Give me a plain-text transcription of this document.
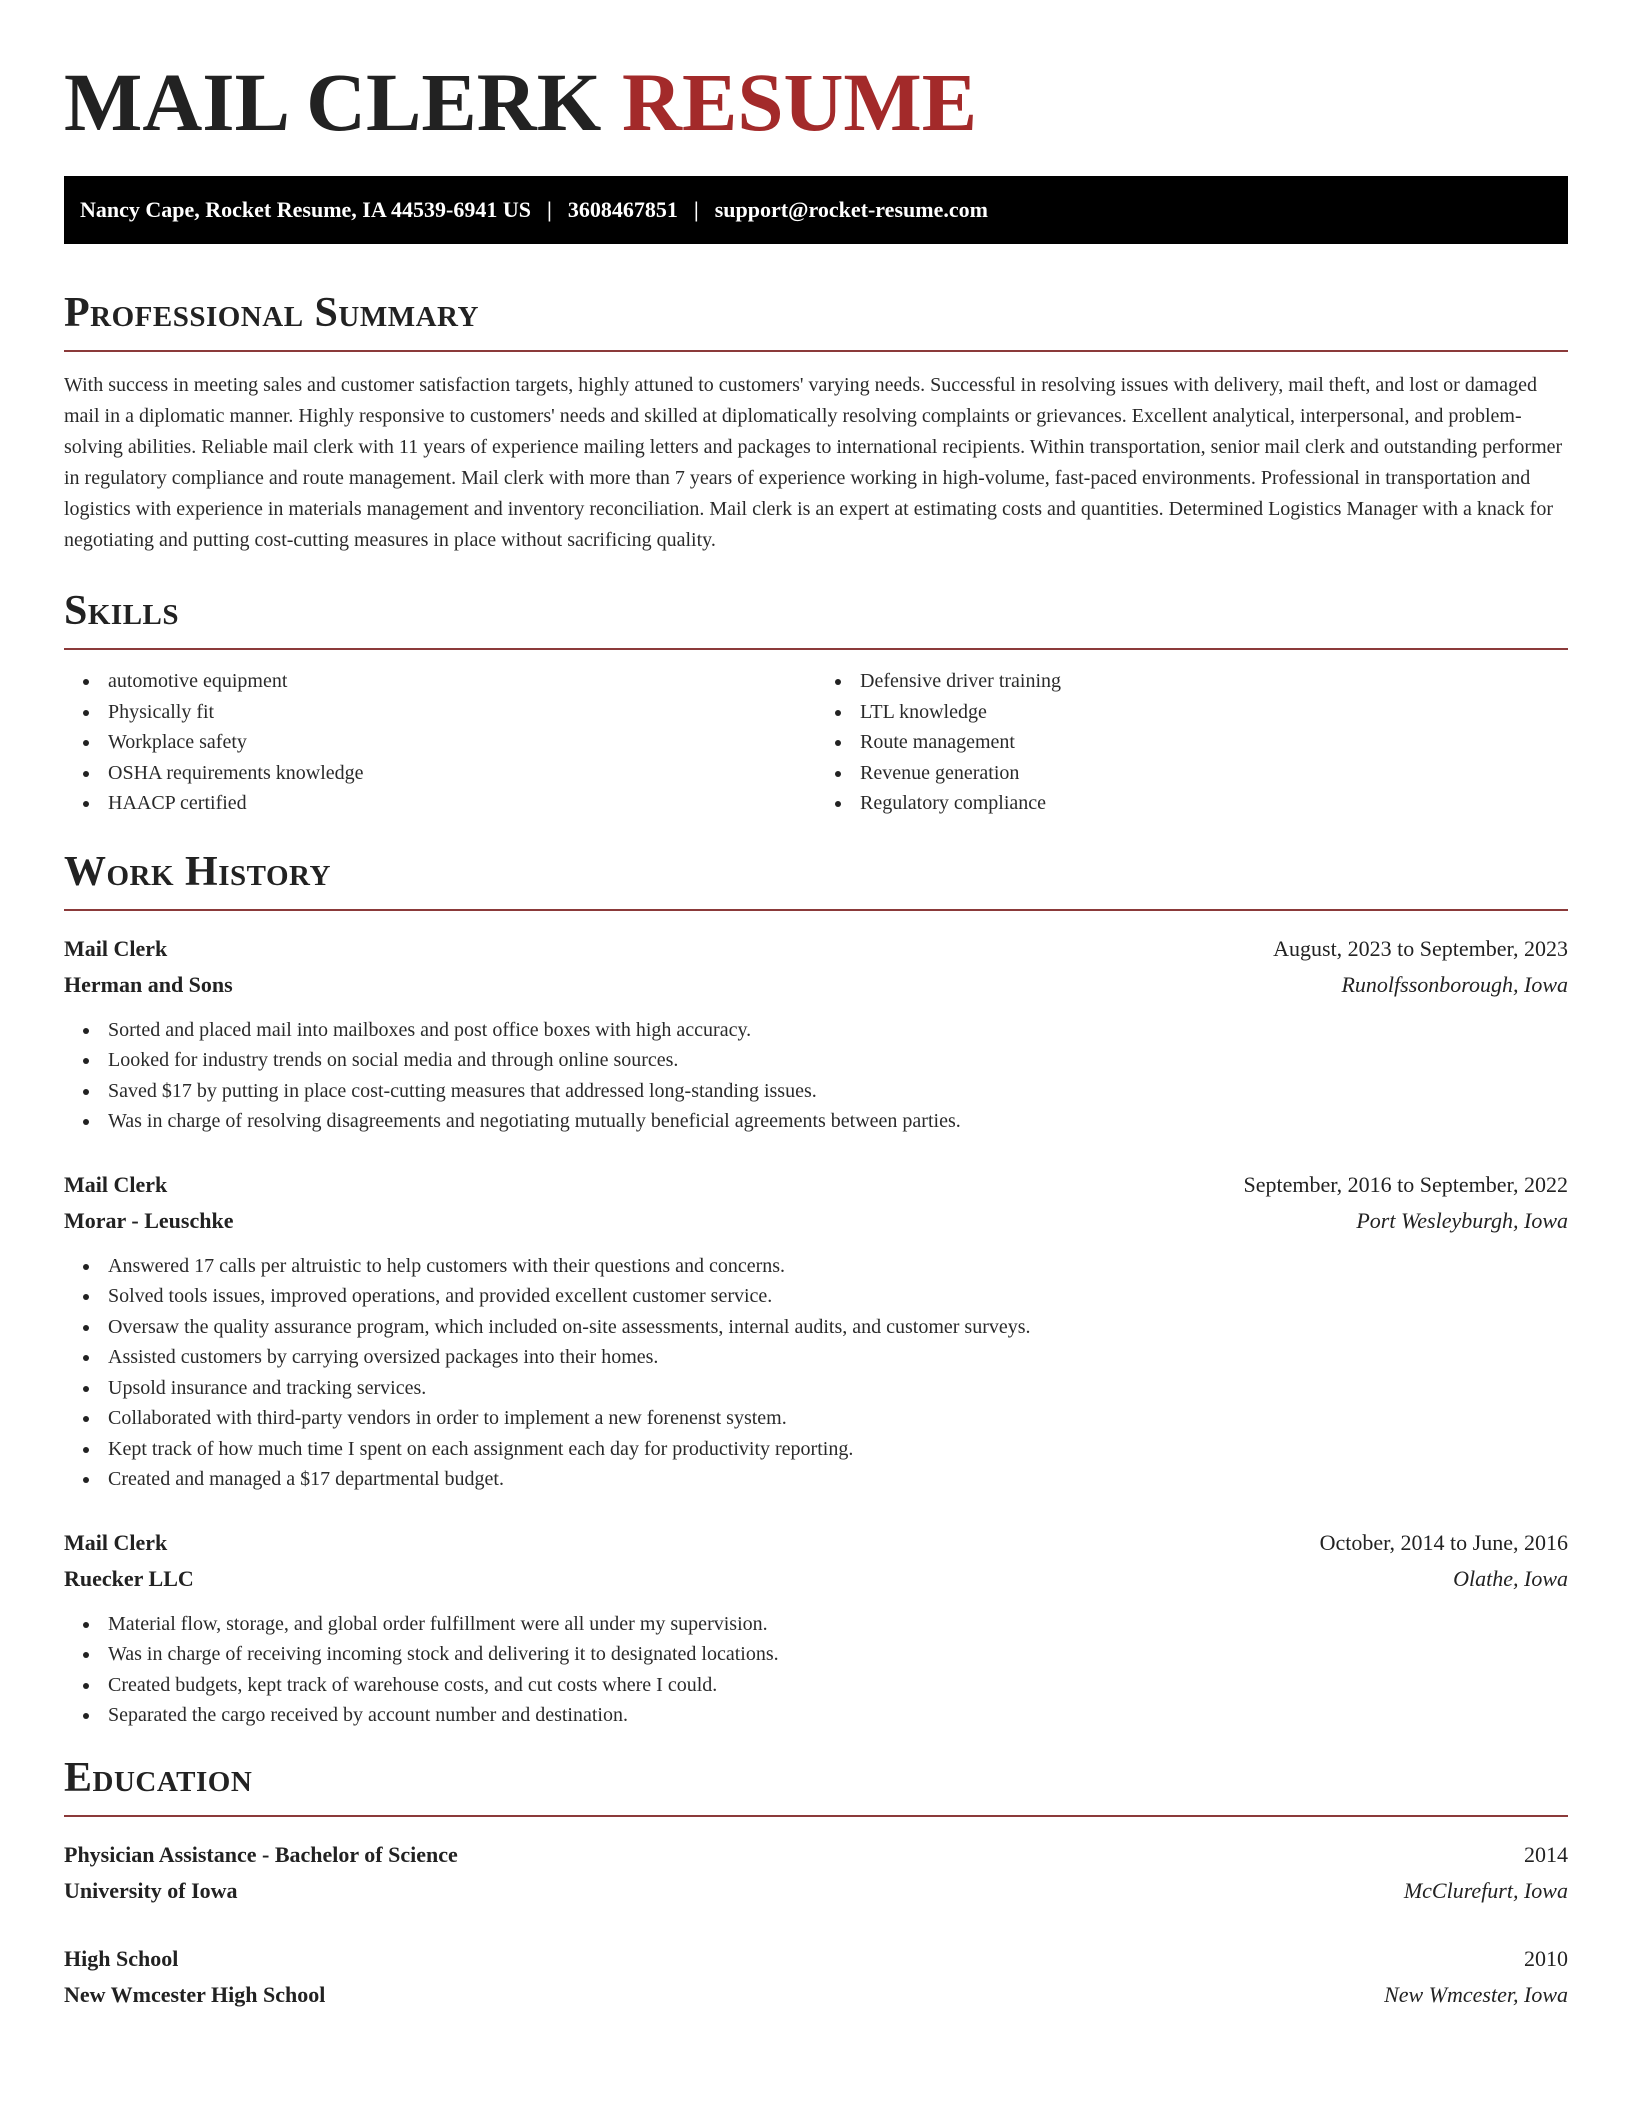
MAIL CLERK RESUME
Nancy Cape, Rocket Resume, IA 44539-6941 US | 3608467851 | support@rocket-resume.com
Professional Summary

With success in meeting sales and customer satisfaction targets, highly attuned to customers' varying needs. Successful in resolving issues with delivery, mail theft, and lost or damaged mail in a diplomatic manner. Highly responsive to customers' needs and skilled at diplomatically resolving complaints or grievances. Excellent analytical, interpersonal, and problem-solving abilities. Reliable mail clerk with 11 years of experience mailing letters and packages to international recipients. Within transportation, senior mail clerk and outstanding performer in regulatory compliance and route management. Mail clerk with more than 7 years of experience working in high-volume, fast-paced environments. Professional in transportation and logistics with experience in materials management and inventory reconciliation. Mail clerk is an expert at estimating costs and quantities. Determined Logistics Manager with a knack for negotiating and putting cost-cutting measures in place without sacrificing quality.

Skills
automotive equipment
Physically fit
Workplace safety
OSHA requirements knowledge
HAACP certified
Defensive driver training
LTL knowledge
Route management
Revenue generation
Regulatory compliance
Work History
Mail Clerk	August, 2023 to September, 2023
Herman and Sons	Runolfssonborough, Iowa
Sorted and placed mail into mailboxes and post office boxes with high accuracy.
Looked for industry trends on social media and through online sources.
Saved $17 by putting in place cost-cutting measures that addressed long-standing issues.
Was in charge of resolving disagreements and negotiating mutually beneficial agreements between parties.
Mail Clerk	September, 2016 to September, 2022
Morar - Leuschke	Port Wesleyburgh, Iowa
Answered 17 calls per altruistic to help customers with their questions and concerns.
Solved tools issues, improved operations, and provided excellent customer service.
Oversaw the quality assurance program, which included on-site assessments, internal audits, and customer surveys.
Assisted customers by carrying oversized packages into their homes.
Upsold insurance and tracking services.
Collaborated with third-party vendors in order to implement a new forenenst system.
Kept track of how much time I spent on each assignment each day for productivity reporting.
Created and managed a $17 departmental budget.
Mail Clerk	October, 2014 to June, 2016
Ruecker LLC	Olathe, Iowa
Material flow, storage, and global order fulfillment were all under my supervision.
Was in charge of receiving incoming stock and delivering it to designated locations.
Created budgets, kept track of warehouse costs, and cut costs where I could.
Separated the cargo received by account number and destination.
Education
Physician Assistance - Bachelor of Science	2014
University of Iowa	McClurefurt, Iowa
High School	2010
New Wmcester High School	New Wmcester, Iowa
